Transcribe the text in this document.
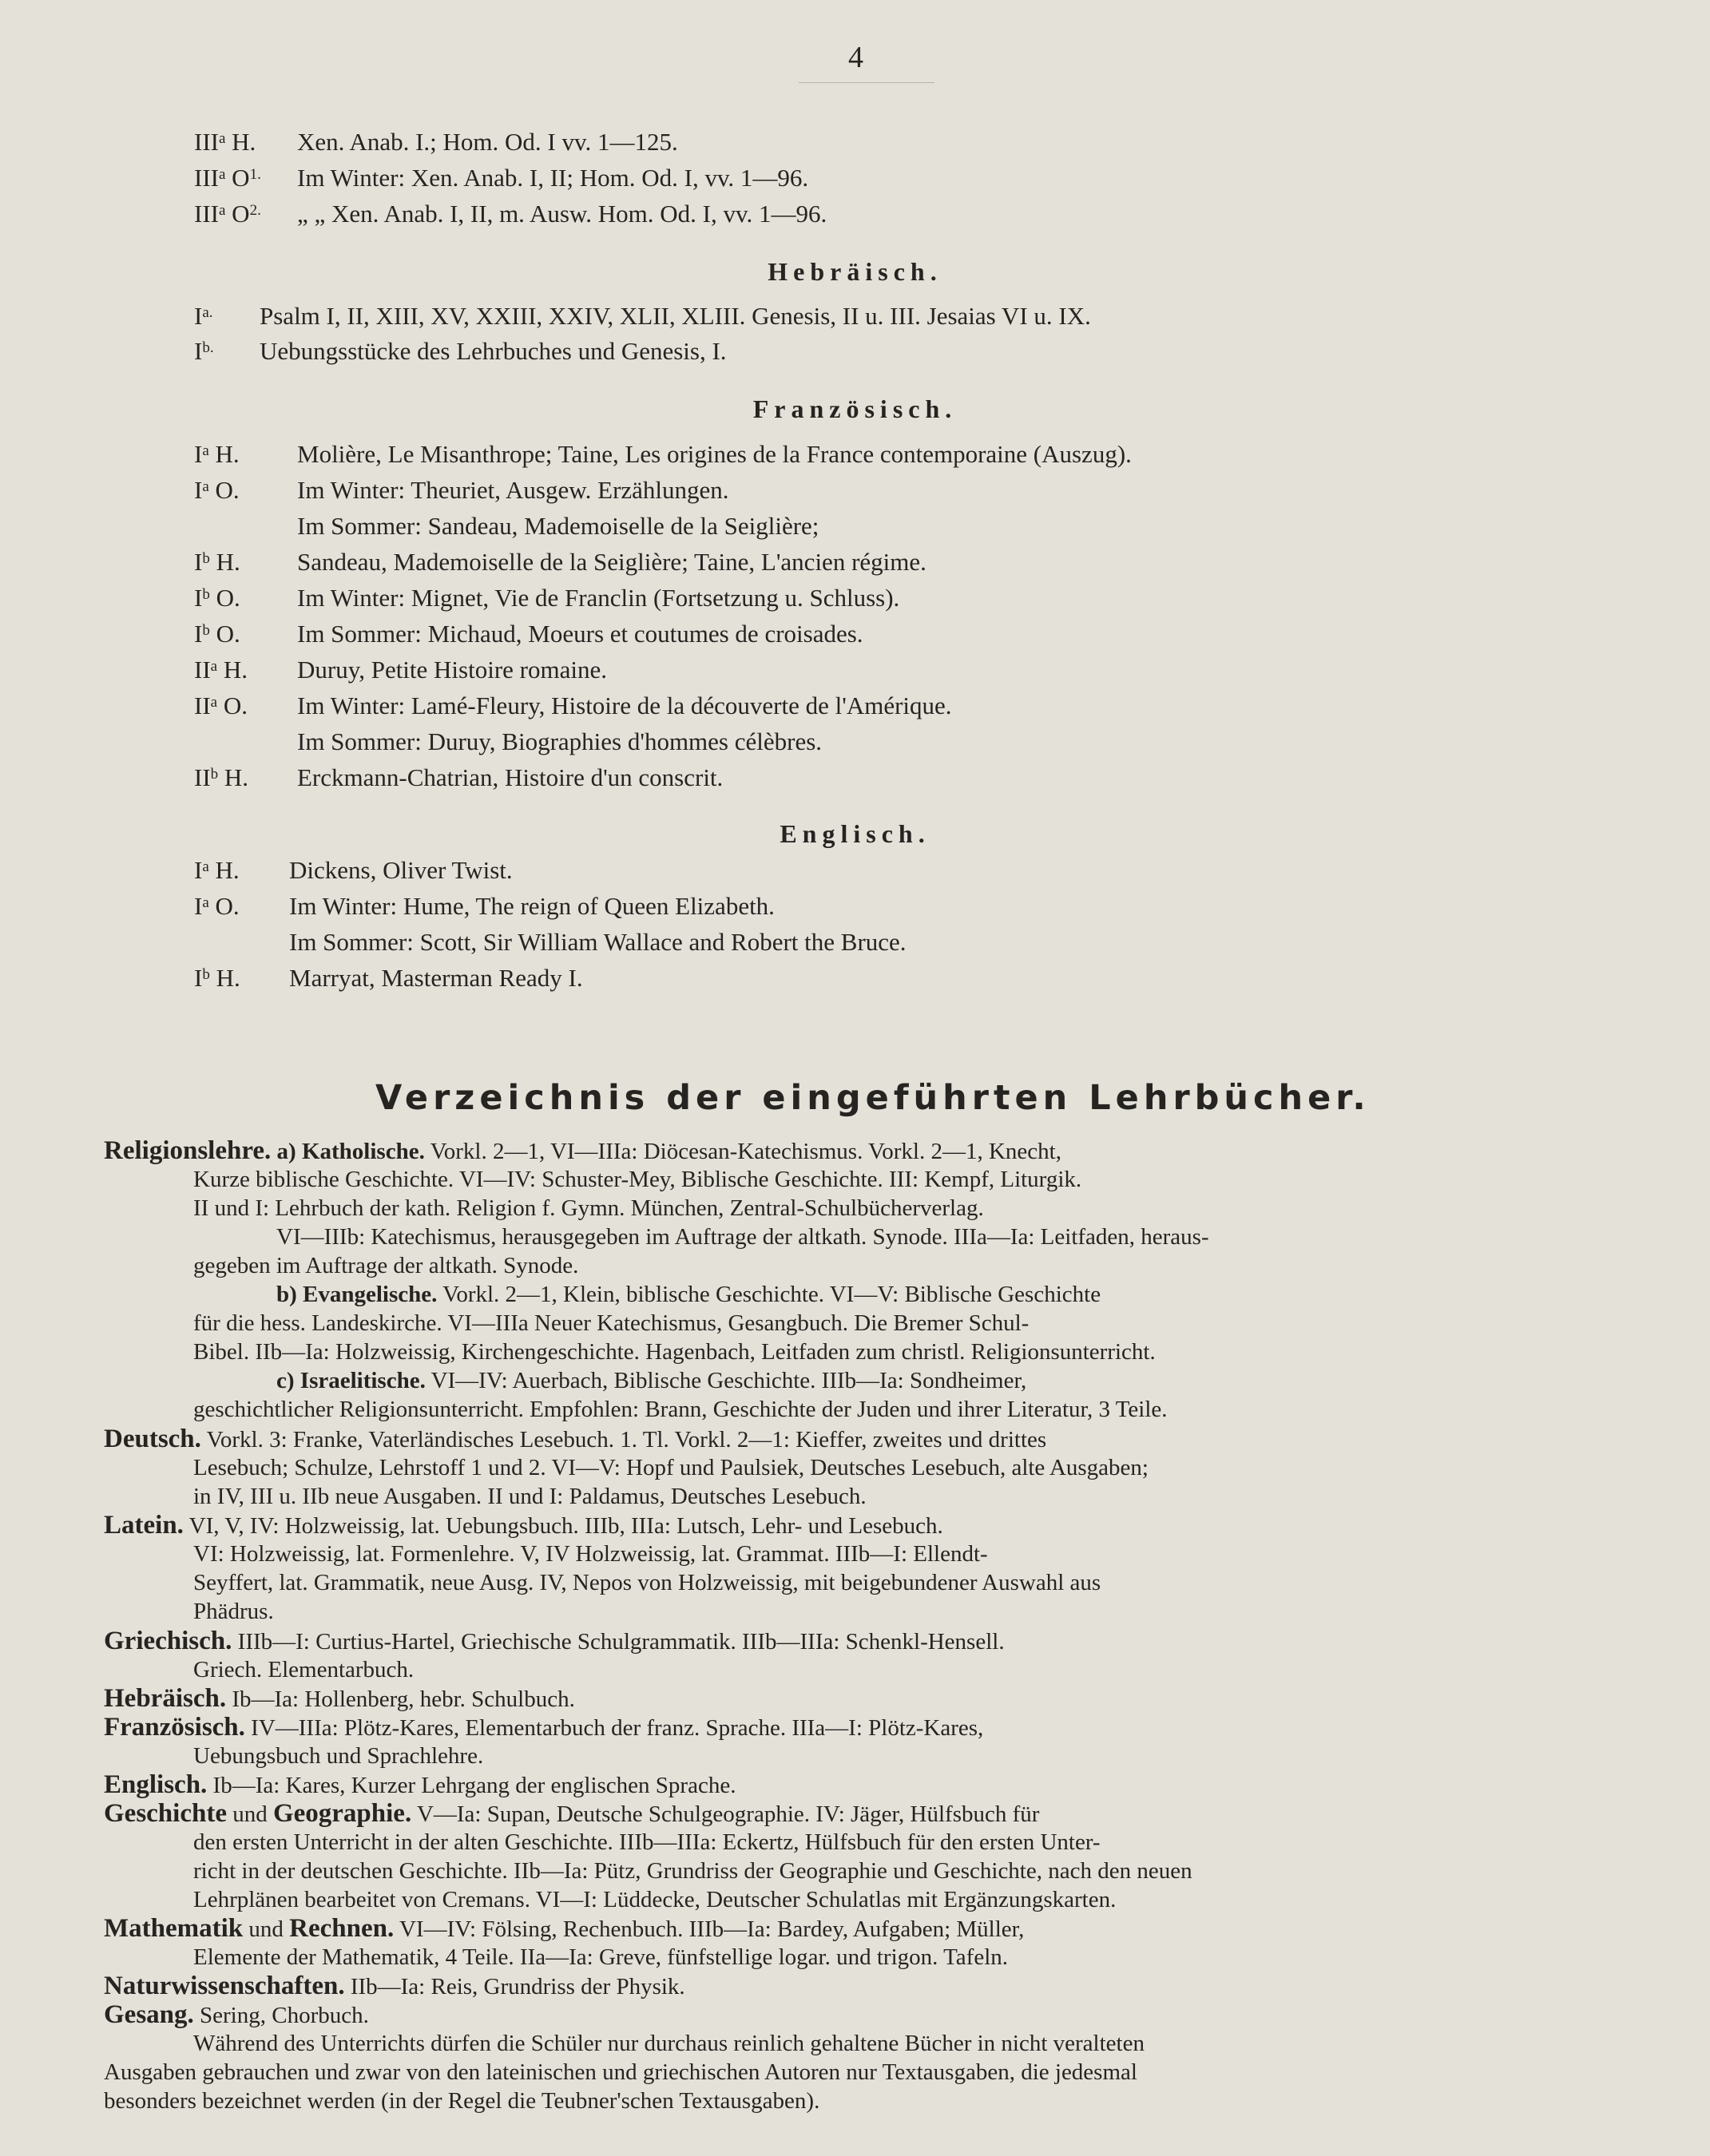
4
III$^a$ H. Xen. Anab. I.; Hom. Od. I vv. 1—125.
III$^a$ $O^{1.}$ Im Winter: Xen. Anab. I, II; Hom. Od. I, vv. 1—96.
III$^a$ $O^{2.}$ „ „ Xen. Anab. I, II, m. Ausw. Hom. Od. I, vv. 1—96.
Hebräisch.
$I^{a.}$ Psalm I, II, XIII, XV, XXIII, XXIV, XLII, XLIII. Genesis, II u. III. Jesaias VI u. IX.
$I^{b.}$ Uebungsstücke des Lehrbuches und Genesis, I.
Französisch.
$I^a$ H. Molière, Le Misanthrope; Taine, Les origines de la France contemporaine (Auszug).
$I^a$ O. Im Winter: Theuriet, Ausgew. Erzählungen.
Im Sommer: Sandeau, Mademoiselle de la Seiglière;
$I^b$ H. Sandeau, Mademoiselle de la Seiglière; Taine, L'ancien régime.
$I^b$ O. Im Winter: Mignet, Vie de Franclin (Fortsetzung u. Schluss).
$I^b$ O. Im Sommer: Michaud, Moeurs et coutumes de croisades.
$II^a$ H. Duruy, Petite Histoire romaine.
$II^a$ O. Im Winter: Lamé-Fleury, Histoire de la découverte de l'Amérique.
Im Sommer: Duruy, Biographies d'hommes célèbres.
$II^b$ H. Erckmann-Chatrian, Histoire d'un conscrit.
Englisch.
$I^a$ H. Dickens, Oliver Twist.
$I^a$ O. Im Winter: Hume, The reign of Queen Elizabeth.
Im Sommer: Scott, Sir William Wallace and Robert the Bruce.
$I^b$ H. Marryat, Masterman Ready I.
Verzeichnis der eingeführten Lehrbücher.
Religionslehre. a) Katholische. Vorkl. 2—1, VI—IIIa: Diöcesan-Katechismus. Vorkl. 2—1, Knecht,
Kurze biblische Geschichte. VI—IV: Schuster-Mey, Biblische Geschichte. III: Kempf, Liturgik.
II und I: Lehrbuch der kath. Religion f. Gymn. München, Zentral-Schulbücherverlag.
VI—IIIb: Katechismus, herausgegeben im Auftrage der altkath. Synode. IIIa—Ia: Leitfaden, heraus-
gegeben im Auftrage der altkath. Synode.
b) Evangelische. Vorkl. 2—1, Klein, biblische Geschichte. VI—V: Biblische Geschichte
für die hess. Landeskirche. VI—IIIa Neuer Katechismus, Gesangbuch. Die Bremer Schul-
Bibel. IIb—Ia: Holzweissig, Kirchengeschichte. Hagenbach, Leitfaden zum christl. Religionsunterricht.
c) Israelitische. VI—IV: Auerbach, Biblische Geschichte. IIIb—Ia: Sondheimer,
geschichtlicher Religionsunterricht. Empfohlen: Brann, Geschichte der Juden und ihrer Literatur, 3 Teile.
Deutsch. Vorkl. 3: Franke, Vaterländisches Lesebuch. 1. Tl. Vorkl. 2—1: Kieffer, zweites und drittes
Lesebuch; Schulze, Lehrstoff 1 und 2. VI—V: Hopf und Paulsiek, Deutsches Lesebuch, alte Ausgaben;
in IV, III u. IIb neue Ausgaben. II und I: Paldamus, Deutsches Lesebuch.
Latein. VI, V, IV: Holzweissig, lat. Uebungsbuch. IIIb, IIIa: Lutsch, Lehr- und Lesebuch.
VI: Holzweissig, lat. Formenlehre. V, IV Holzweissig, lat. Grammat. IIIb—I: Ellendt-
Seyffert, lat. Grammatik, neue Ausg. IV, Nepos von Holzweissig, mit beigebundener Auswahl aus
Phädrus.
Griechisch. IIIb—I: Curtius-Hartel, Griechische Schulgrammatik. IIIb—IIIa: Schenkl-Hensell.
Griech. Elementarbuch.
Hebräisch. Ib—Ia: Hollenberg, hebr. Schulbuch.
Französisch. IV—IIIa: Plötz-Kares, Elementarbuch der franz. Sprache. IIIa—I: Plötz-Kares,
Uebungsbuch und Sprachlehre.
Englisch. Ib—Ia: Kares, Kurzer Lehrgang der englischen Sprache.
Geschichte und Geographie. V—Ia: Supan, Deutsche Schulgeographie. IV: Jäger, Hülfsbuch für
den ersten Unterricht in der alten Geschichte. IIIb—IIIa: Eckertz, Hülfsbuch für den ersten Unter-
richt in der deutschen Geschichte. IIb—Ia: Pütz, Grundriss der Geographie und Geschichte, nach den neuen
Lehrplänen bearbeitet von Cremans. VI—I: Lüddecke, Deutscher Schulatlas mit Ergänzungskarten.
Mathematik und Rechnen. VI—IV: Fölsing, Rechenbuch. IIIb—Ia: Bardey, Aufgaben; Müller,
Elemente der Mathematik, 4 Teile. IIa—Ia: Greve, fünfstellige logar. und trigon. Tafeln.
Naturwissenschaften. IIb—Ia: Reis, Grundriss der Physik.
Gesang. Sering, Chorbuch.
Während des Unterrichts dürfen die Schüler nur durchaus reinlich gehaltene Bücher in nicht veralteten
Ausgaben gebrauchen und zwar von den lateinischen und griechischen Autoren nur Textausgaben, die jedesmal
besonders bezeichnet werden (in der Regel die Teubner'schen Textausgaben).
